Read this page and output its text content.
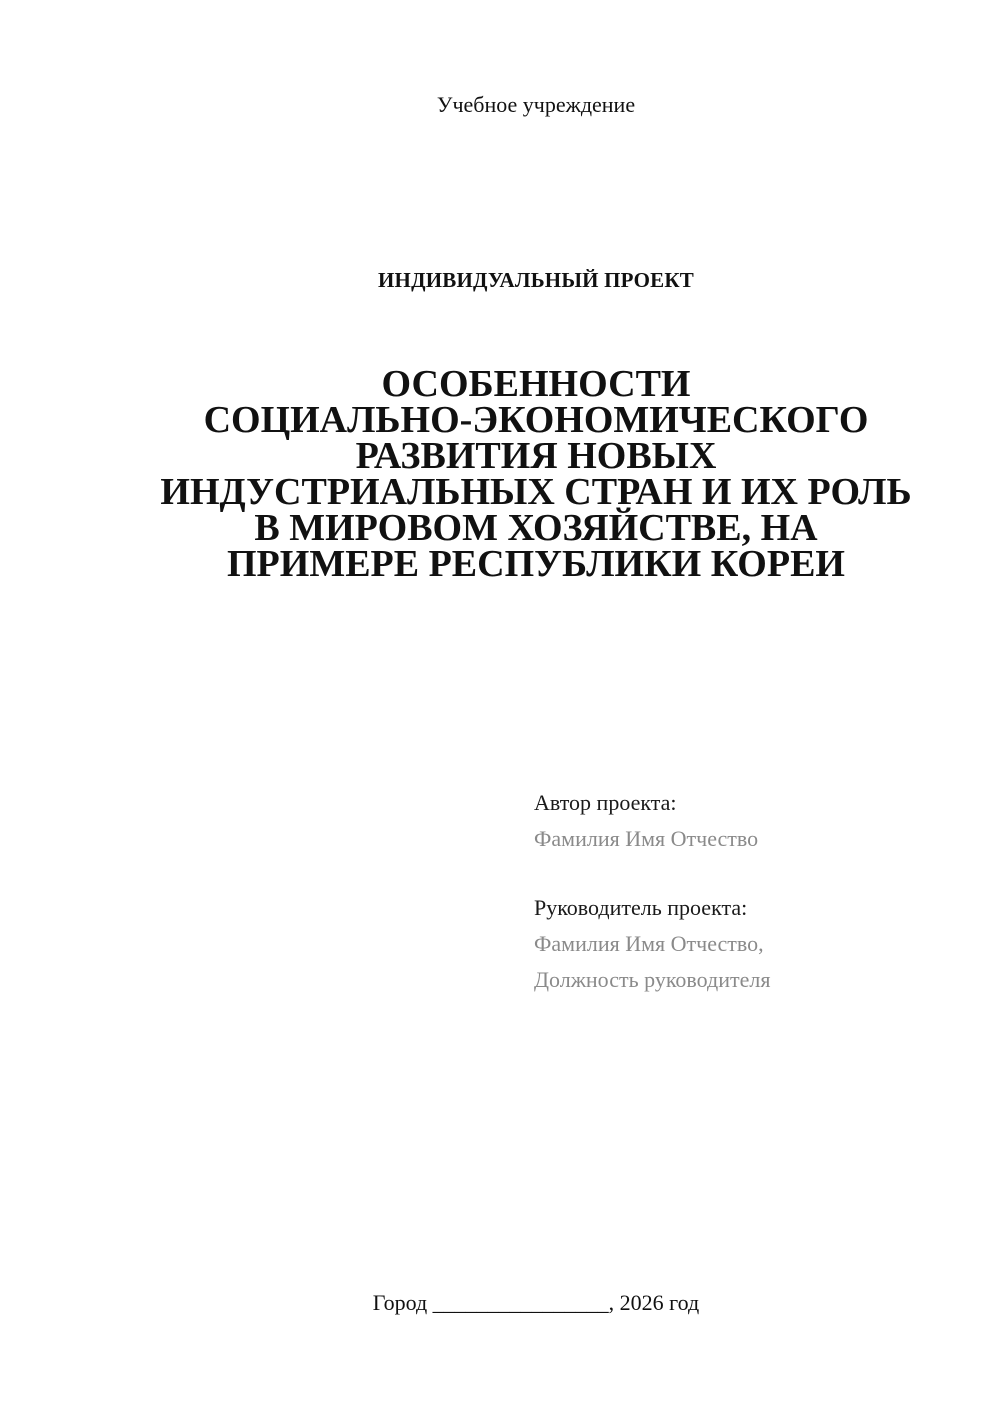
Учебное учреждение
ИНДИВИДУАЛЬНЫЙ ПРОЕКТ
ОСОБЕННОСТИ
СОЦИАЛЬНО-ЭКОНОМИЧЕСКОГО
РАЗВИТИЯ НОВЫХ
ИНДУСТРИАЛЬНЫХ СТРАН И ИХ РОЛЬ
В МИРОВОМ ХОЗЯЙСТВЕ, НА
ПРИМЕРЕ РЕСПУБЛИКИ КОРЕИ
Автор проекта:
Фамилия Имя Отчество
Руководитель проекта:
Фамилия Имя Отчество,
Должность руководителя
Город ________________, 2026 год
